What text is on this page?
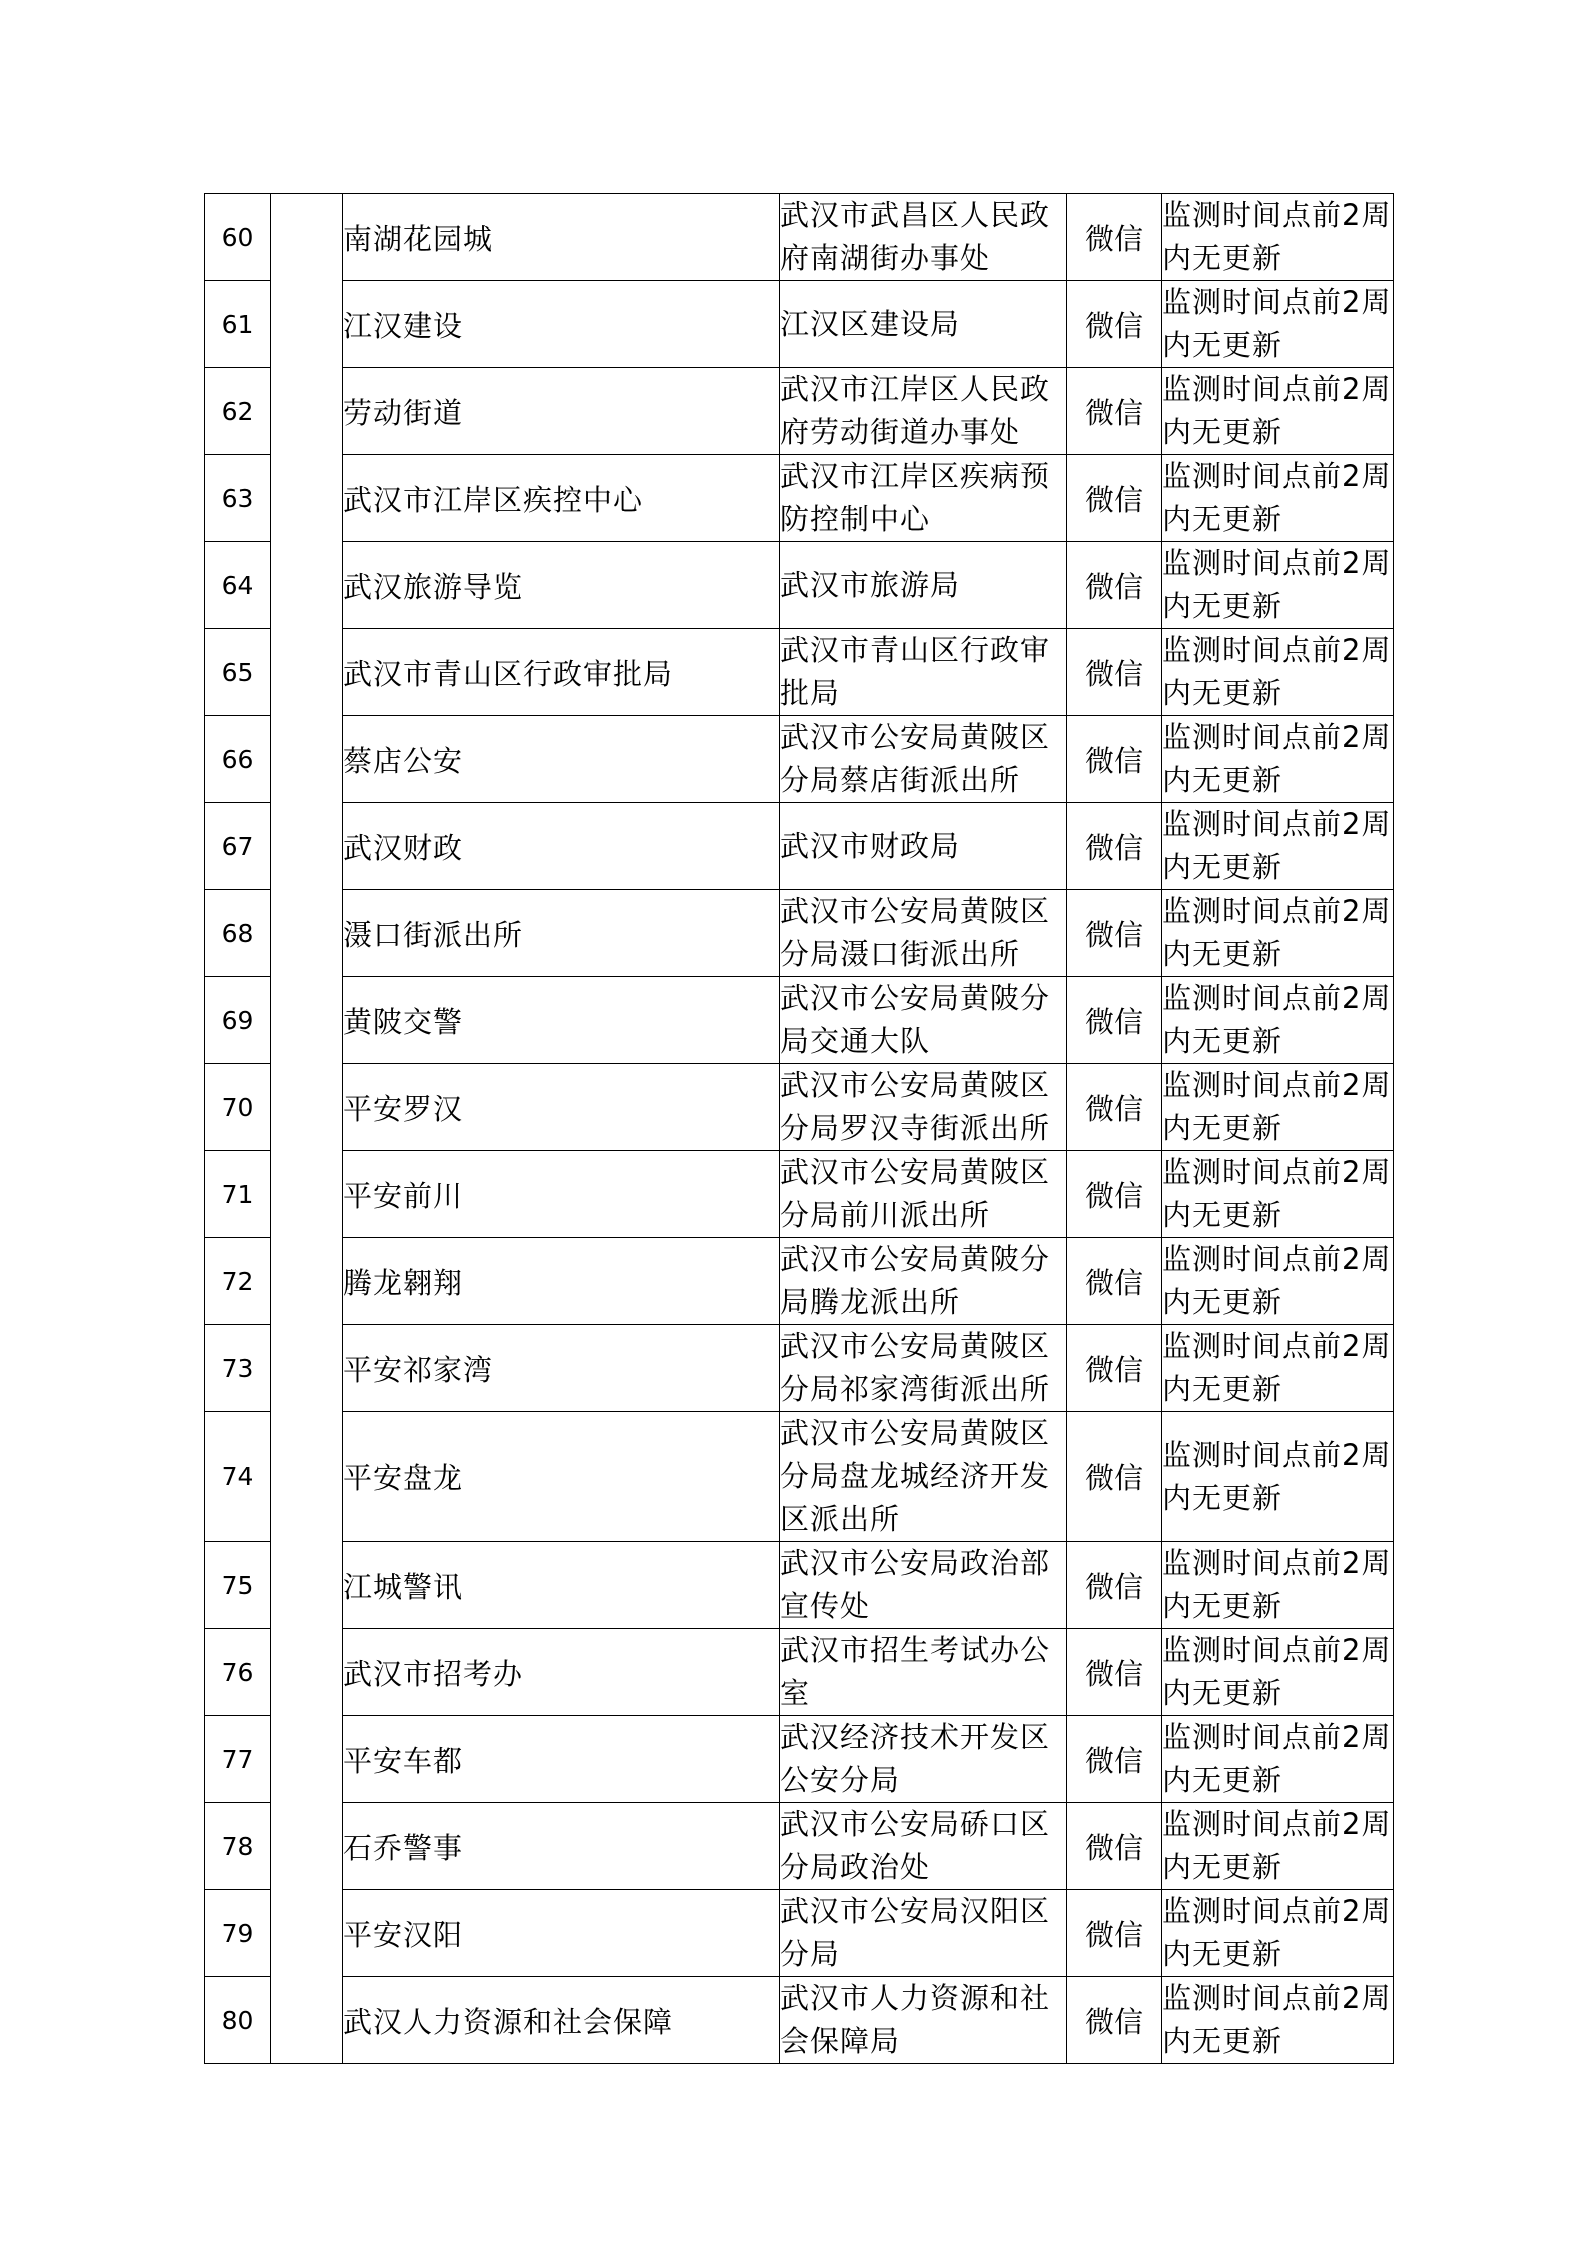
60		南湖花园城	武汉市武昌区人民政
府南湖街办事处	微信	监测时间点前2周
内无更新

61		江汉建设	江汉区建设局	微信	监测时间点前2周
内无更新

62		劳动街道	武汉市江岸区人民政
府劳动街道办事处	微信	监测时间点前2周
内无更新

63		武汉市江岸区疾控中心	武汉市江岸区疾病预
防控制中心	微信	监测时间点前2周
内无更新

64		武汉旅游导览	武汉市旅游局	微信	监测时间点前2周
内无更新

65		武汉市青山区行政审批局	武汉市青山区行政审
批局	微信	监测时间点前2周
内无更新

66		蔡店公安	武汉市公安局黄陂区
分局蔡店街派出所	微信	监测时间点前2周
内无更新

67		武汉财政	武汉市财政局	微信	监测时间点前2周
内无更新

68		滠口街派出所	武汉市公安局黄陂区
分局滠口街派出所	微信	监测时间点前2周
内无更新

69		黄陂交警	武汉市公安局黄陂分
局交通大队	微信	监测时间点前2周
内无更新

70		平安罗汉	武汉市公安局黄陂区
分局罗汉寺街派出所	微信	监测时间点前2周
内无更新

71		平安前川	武汉市公安局黄陂区
分局前川派出所	微信	监测时间点前2周
内无更新

72		腾龙翱翔	武汉市公安局黄陂分
局腾龙派出所	微信	监测时间点前2周
内无更新

73		平安祁家湾	武汉市公安局黄陂区
分局祁家湾街派出所	微信	监测时间点前2周
内无更新

74		平安盘龙	武汉市公安局黄陂区
分局盘龙城经济开发
区派出所	微信	监测时间点前2周
内无更新

75		江城警讯	武汉市公安局政治部
宣传处	微信	监测时间点前2周
内无更新

76		武汉市招考办	武汉市招生考试办公
室	微信	监测时间点前2周
内无更新

77		平安车都	武汉经济技术开发区
公安分局	微信	监测时间点前2周
内无更新

78		石乔警事	武汉市公安局硚口区
分局政治处	微信	监测时间点前2周
内无更新

79		平安汉阳	武汉市公安局汉阳区
分局	微信	监测时间点前2周
内无更新

80		武汉人力资源和社会保障	武汉市人力资源和社
会保障局	微信	监测时间点前2周
内无更新
